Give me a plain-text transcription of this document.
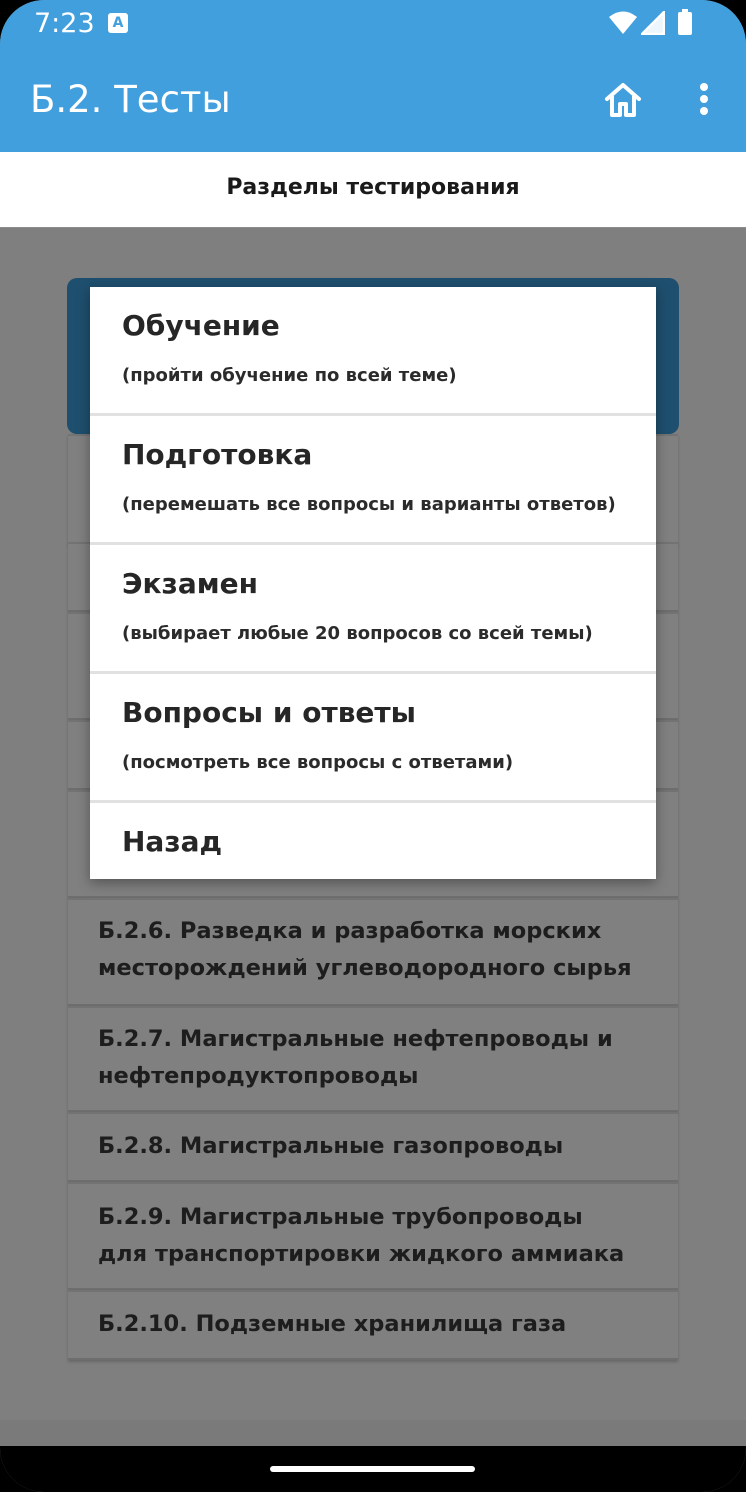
7:23	A
Б.2. Тесты
Разделы тестирования
Б.2.6. Разведка и разработка морских месторождений углеводородного сырья
Б.2.7. Магистральные нефтепроводы и нефтепродуктопроводы
Б.2.8. Магистральные газопроводы
Б.2.9. Магистральные трубопроводы для транспортировки жидкого аммиака
Б.2.10. Подземные хранилища газа
Обучение
(пройти обучение по всей теме)
Подготовка
(перемешать все вопросы и варианты ответов)
Экзамен
(выбирает любые 20 вопросов со всей темы)
Вопросы и ответы
(посмотреть все вопросы с ответами)
Назад
